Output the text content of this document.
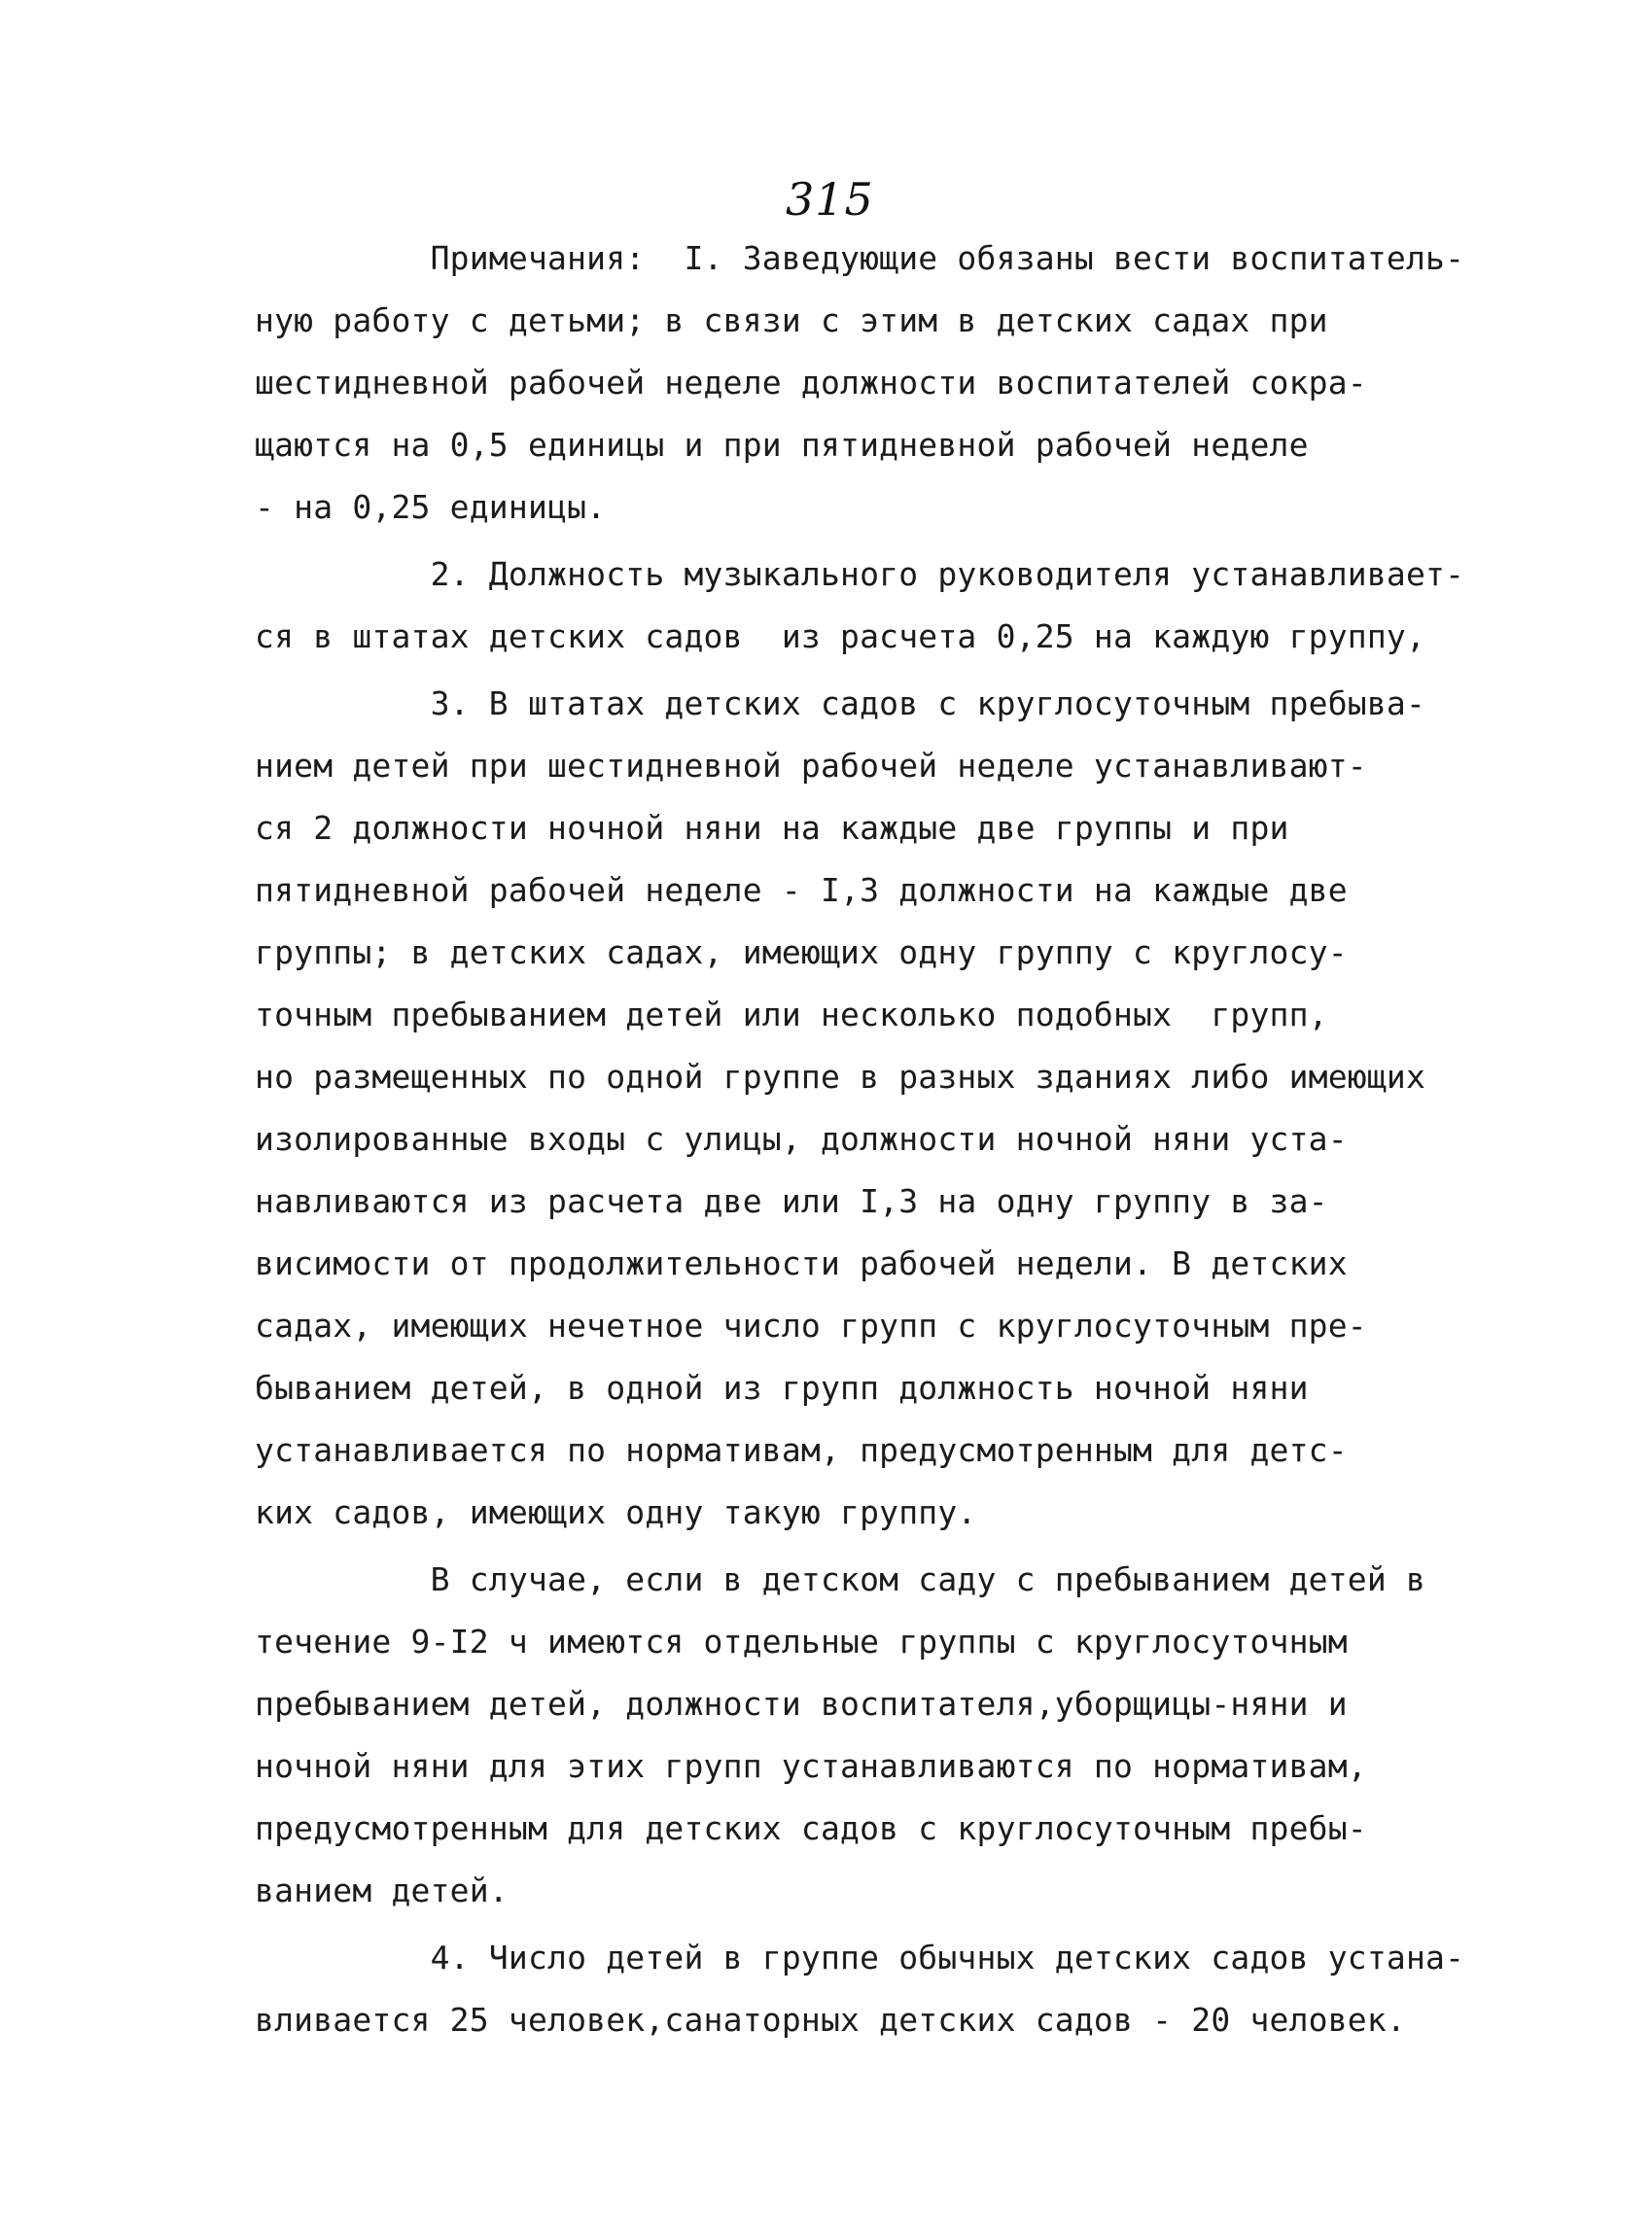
315
Примечания:  I. Заведующие обязаны вести воспитатель-
ную работу с детьми; в связи с этим в детских садах при
шестидневной рабочей неделе должности воспитателей сокра-
щаются на 0,5 единицы и при пятидневной рабочей неделе
- на 0,25 единицы.
2. Должность музыкального руководителя устанавливает-
ся в штатах детских садов  из расчета 0,25 на каждую группу,
3. В штатах детских садов с круглосуточным пребыва-
нием детей при шестидневной рабочей неделе устанавливают-
ся 2 должности ночной няни на каждые две группы и при
пятидневной рабочей неделе - I,3 должности на каждые две
группы; в детских садах, имеющих одну группу с круглосу-
точным пребыванием детей или несколько подобных  групп,
но размещенных по одной группе в разных зданиях либо имеющих
изолированные входы с улицы, должности ночной няни уста-
навливаются из расчета две или I,3 на одну группу в за-
висимости от продолжительности рабочей недели. В детских
садах, имеющих нечетное число групп с круглосуточным пре-
быванием детей, в одной из групп должность ночной няни
устанавливается по нормативам, предусмотренным для детс-
ких садов, имеющих одну такую группу.
В случае, если в детском саду с пребыванием детей в
течение 9-I2 ч имеются отдельные группы с круглосуточным
пребыванием детей, должности воспитателя,уборщицы-няни и
ночной няни для этих групп устанавливаются по нормативам,
предусмотренным для детских садов с круглосуточным пребы-
ванием детей.
4. Число детей в группе обычных детских садов устана-
вливается 25 человек,санаторных детских садов - 20 человек.
